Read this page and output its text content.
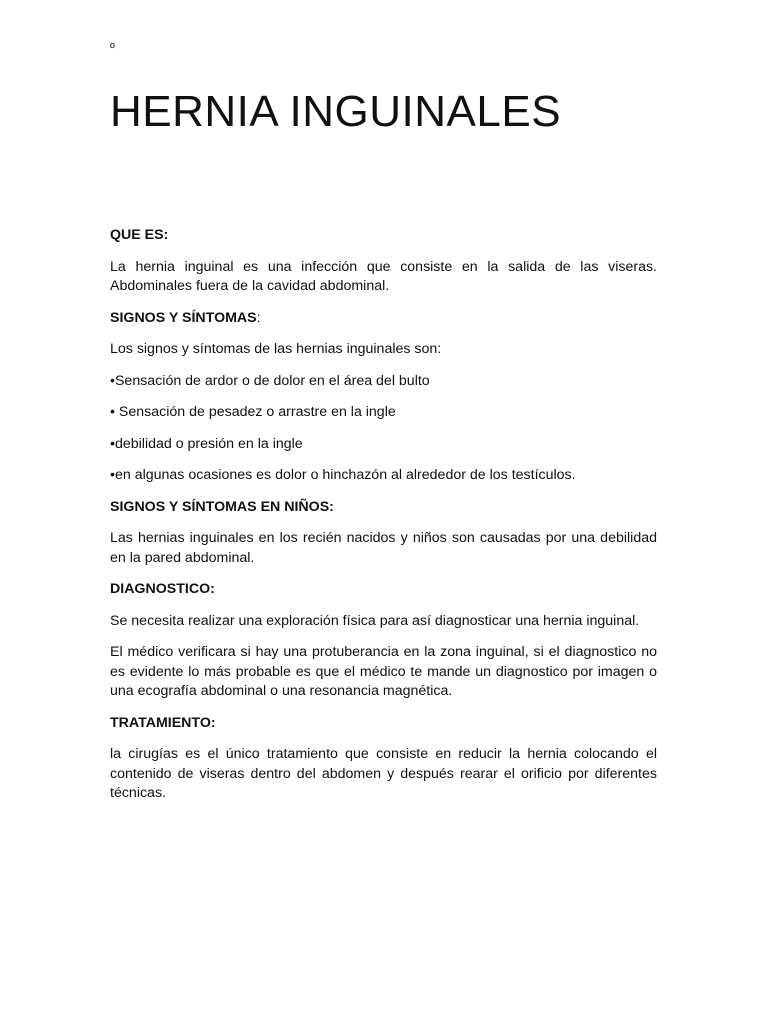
º
HERNIA INGUINALES

QUE ES:

La hernia inguinal es una infección que consiste en la salida de las viseras. Abdominales fuera de la cavidad abdominal.

SIGNOS Y SÍNTOMAS:

Los signos y síntomas de las hernias inguinales son:

•Sensación de ardor o de dolor en el área del bulto

• Sensación de pesadez o arrastre en la ingle

•debilidad o presión en la ingle

•en algunas ocasiones es dolor o hinchazón al alrededor de los testículos.

SIGNOS Y SÍNTOMAS EN NIÑOS:

Las hernias inguinales en los recién nacidos y niños son causadas por una debilidad en la pared abdominal.

DIAGNOSTICO:

Se necesita realizar una exploración física para así diagnosticar una hernia inguinal.

El médico verificara si hay una protuberancia en la zona inguinal, si el diagnostico no es evidente lo más probable es que el médico te mande un diagnostico por imagen o una ecografía abdominal o una resonancia magnética.

TRATAMIENTO:

la cirugías es el único tratamiento que consiste en reducir la hernia colocando el contenido de viseras dentro del abdomen y después rearar el orificio por diferentes técnicas.
